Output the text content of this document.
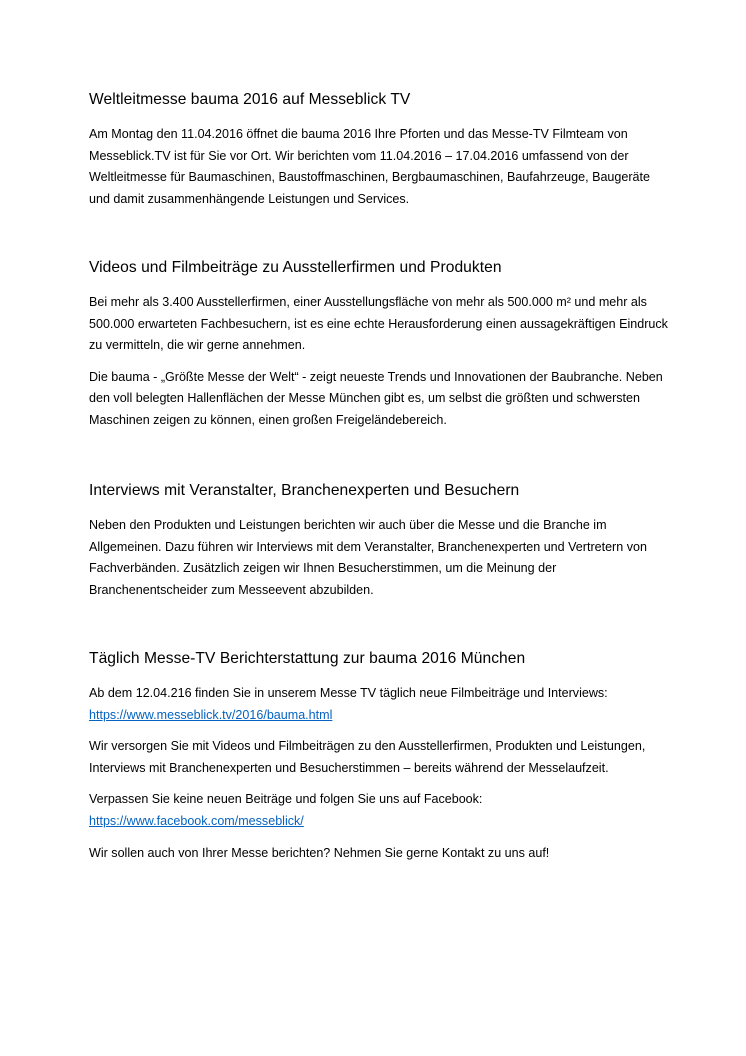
Weltleitmesse bauma 2016 auf Messeblick TV

Am Montag den 11.04.2016 öffnet die bauma 2016 Ihre Pforten und das Messe-TV Filmteam von Messeblick.TV ist für Sie vor Ort. Wir berichten vom 11.04.2016 – 17.04.2016 umfassend von der Weltleitmesse für Baumaschinen, Baustoffmaschinen, Bergbaumaschinen, Baufahrzeuge, Baugeräte und damit zusammenhängende Leistungen und Services.

Videos und Filmbeiträge zu Ausstellerfirmen und Produkten

Bei mehr als 3.400 Ausstellerfirmen, einer Ausstellungsfläche von mehr als 500.000 m² und mehr als 500.000 erwarteten Fachbesuchern, ist es eine echte Herausforderung einen aussagekräftigen Eindruck zu vermitteln, die wir gerne annehmen.

Die bauma - „Größte Messe der Welt“ - zeigt neueste Trends und Innovationen der Baubranche. Neben den voll belegten Hallenflächen der Messe München gibt es, um selbst die größten und schwersten Maschinen zeigen zu können, einen großen Freigeländebereich.

Interviews mit Veranstalter, Branchenexperten und Besuchern

Neben den Produkten und Leistungen berichten wir auch über die Messe und die Branche im Allgemeinen. Dazu führen wir Interviews mit dem Veranstalter, Branchenexperten und Vertretern von Fachverbänden. Zusätzlich zeigen wir Ihnen Besucherstimmen, um die Meinung der Branchenentscheider zum Messeevent abzubilden.

Täglich Messe-TV Berichterstattung zur bauma 2016 München

Ab dem 12.04.216 finden Sie in unserem Messe TV täglich neue Filmbeiträge und Interviews:
https://www.messeblick.tv/2016/bauma.html

Wir versorgen Sie mit Videos und Filmbeiträgen zu den Ausstellerfirmen, Produkten und Leistungen, Interviews mit Branchenexperten und Besucherstimmen – bereits während der Messelaufzeit.

Verpassen Sie keine neuen Beiträge und folgen Sie uns auf Facebook:
https://www.facebook.com/messeblick/

Wir sollen auch von Ihrer Messe berichten? Nehmen Sie gerne Kontakt zu uns auf!
